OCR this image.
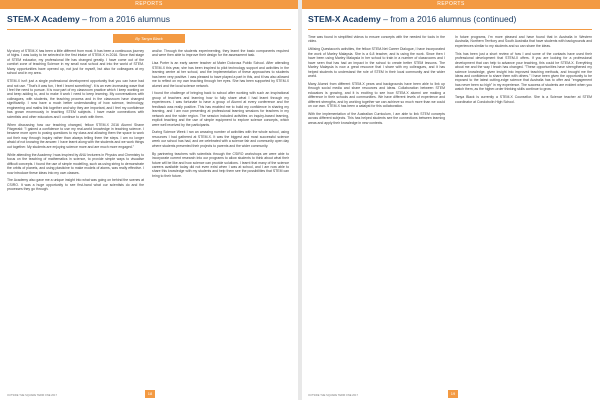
REPORTS
STEM-X Academy – from a 2016 alumnus
By Tanya Black

My story of STEM-X has been a little different from most. It has been a continuous journey of highs. I was lucky to be selected in the first intake of STEM-X in 2016. Since that stage of STEM educator, my professional life has changed greatly. I have come out of the comfort zone of teaching Science in my small rural school and into the world of STEM. Many opportunities have opened up, not just for myself, but also for colleagues at my school and in my area.

STEM-X isn't just a single professional development opportunity that you can have had and not use. "That's it was fun, I feel I learnt something". It is an ever-increasing wave that I feel the need to pursue. It is now part of my classroom practice which I keep working on and keep adding to, and to make it work I need to keep learning. My conversations with colleagues, with students, the teaching process and in the classroom have changed significantly. I now have a much better understanding of how science, technology, engineering and maths link together and why they are important, and I feel my confidence has grown enormously in teaching STEM subjects. I have made connections with scientists and other educators and I continue to work with them.

When discussing how our teaching changed, fellow STEM-X 2016 Alumni Shane Fitzgerald: "I gained a confidence to use my real-world knowledge in teaching science. I became more open to posing questions to my class and allowing them the space to work out their way through inquiry rather than always telling them the steps. I am no longer afraid of not knowing the answer. I have learnt along with the students and we work things out together. My students are enjoying science more and are much more engaged."

While attending the Academy I was inspired by ANU lecturers in Physics and Chemistry to focus on the teaching of mathematics in science, to provide simple ways to visualise difficult concepts. I found the use of simple modelling, such as using string to demonstrate the orbits of planets, and using plasticine to make models of atoms, was really effective. I now introduce these ideas into my own classes.

The Academy also gave me a unique insight into what was going on behind the scenes at CSIRO. It was a huge opportunity to see first-hand what our scientists do and the processes they go through.

and/or. Through the students experimenting, they learnt the basic components required and were then able to improve their design for the assessment task.

Lisa Porter is an early career teacher at Mater Dolorosa Public School. After attending STEM-X this year, she has been inspired to pilot technology support and activities in the learning centre at her school, and the implementation of these approaches to students has been very positive. I was pleased to have played a part in this, and it has also allowed me to reflect on my own teaching through her eyes. She has been supported by STEM-X alumni and the local science network.

I found the challenge of bringing back to school after working with such an inspirational group of teachers and learning how to fully share what I had learnt through my experiences. I was fortunate to have a group of Alumni at every conference and the feedback was really positive. This has enabled me to build my confidence in sharing my learning, and I am now presenting at professional learning sessions for teachers in my network and the wider region. The session included activities on inquiry-based learning, explicit teaching and the use of simple equipment to explore science concepts, which were well received by the participants.

During Science Week I ran an amazing number of activities with the whole school, using resources I had gathered at STEM-X. It was the biggest and most successful science week our school has had, and we celebrated with a science fair and community open day where students presented their projects to parents and the wider community.

By partnering teachers with scientists through the CSIRO workshops we were able to incorporate current research into our programs to allow students to think about what their future will be like and how science can provide solutions. I learnt that many of the science careers available today did not even exist when I was at school, and I am now able to share this knowledge with my students and help them see the possibilities that STEM can bring to their future.

OUTSIDE THE SQUARE TERM ONE 2017	18
REPORTS
STEM-X Academy – from a 2016 alumnus (continued)

Time was found in simplified videos to ensure concepts with the needed for tools in the video.

Utilising Questacon's activities, the fellow STEM-Net Career Dialogue, I have incorporated the work of Marley Malaysia. She is a 6-8 teacher, and is using the work. Since then I have been using Marley Malaysia in her school to train in a number of classrooms and I have seen that has had an impact in the school to create better STEM lessons. The Marley Malaysia is now a great resource that I share with my colleagues, and it has helped students to understand the role of STEM in their local community and the wider world.

Many Alumni from different STEM-X years and backgrounds have been able to link up through social media and share resources and ideas. Collaboration between STEM educators is growing, and it is exciting to see how STEM-X alumni are making a difference in their schools and communities. We have different levels of experience and different strengths, and by working together we can achieve so much more than we could on our own. STEM-X has been a catalyst for this collaboration.

With the implementation of the Australian Curriculum, I am able to link STEM concepts across different subjects. This has helped students see the connections between learning areas and apply their knowledge in new contexts.

In future programs, I'm more pleased and have found that in Australia in Western Australia, Northern Territory and South Australia that have students with backgrounds and experiences similar to my students and so can share the ideas.

This has been just a short review of how I and some of the contacts have used their professional development that STEM-X offers. If you are looking for a professional development that can help to advance your teaching, this could be STEM-X. Everything about me and the way I teach has changed. "These opportunities have strengthened my science knowledge, given insight into improved teaching methods, and brought me the ideas and confidence to share them with others." I have been given the opportunity to be exposed to the latest cutting-edge science that Australia has to offer and "engagement has never been so high" in my experience. The success of students are evident when you watch them, as the higher-order thinking skills continue to grow.

Tanya Black is currently a STEM-X Counsellor. She is a Science teacher at STEM coordinator at Condobolin High School.

OUTSIDE THE SQUARE TERM ONE 2017	19
